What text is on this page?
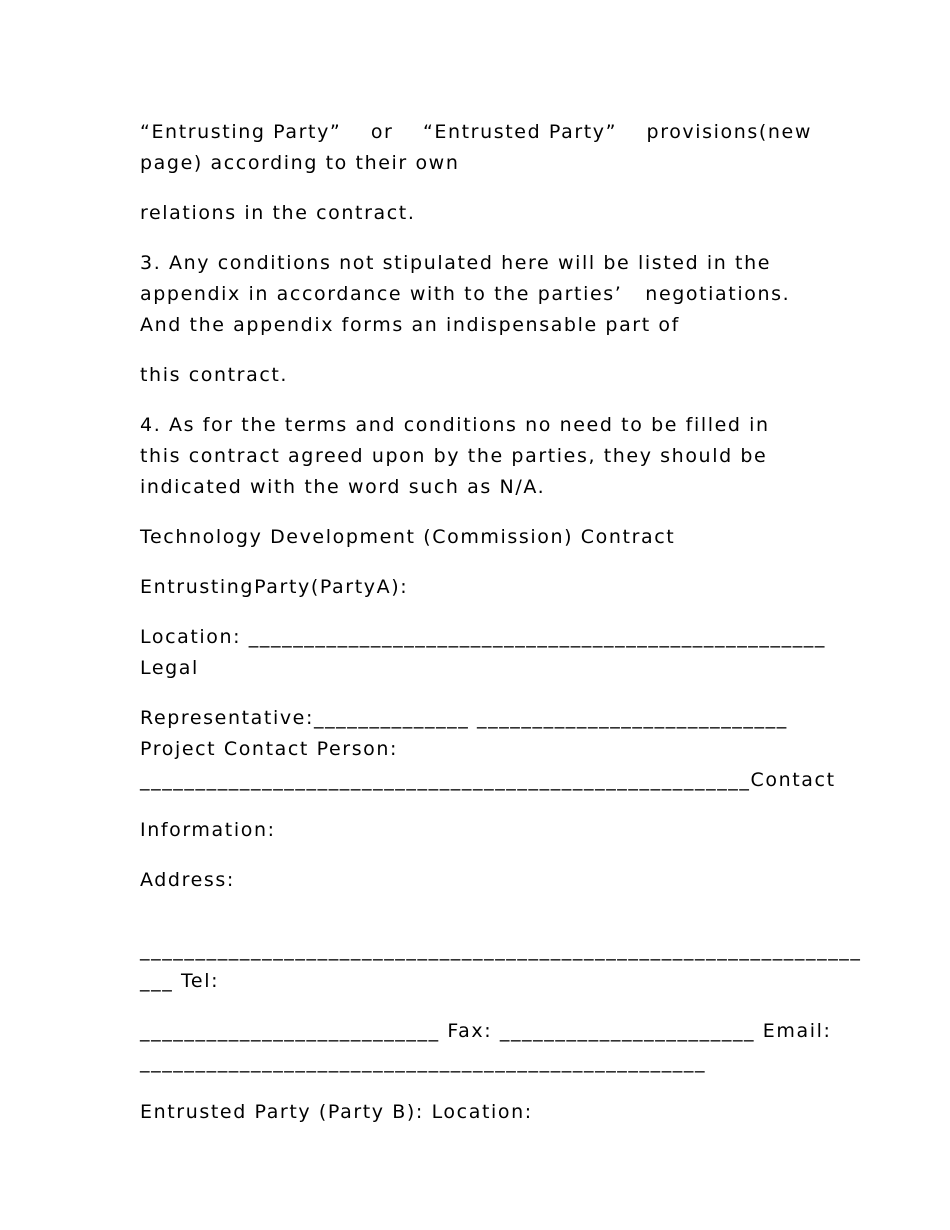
“Entrusting Party” or “Entrusted Party” provisions(new
page) according to their own
relations in the contract.
3. Any conditions not stipulated here will be listed in the
appendix in accordance with to the parties’   negotiations.
And the appendix forms an indispensable part of
this contract.
4. As for the terms and conditions no need to be filled in
this contract agreed upon by the parties, they should be
indicated with the word such as N/A.
Technology Development (Commission) Contract
EntrustingParty(PartyA):
Location: ____________________________________________________
Legal
Representative:______________ ____________________________
Project Contact Person:
_______________________________________________________ Contact
Information:
Address:
_________________________________________________________________
___ Tel:
___________________________ Fax: _______________________ Email:
___________________________________________________
Entrusted Party (Party B): Location:
